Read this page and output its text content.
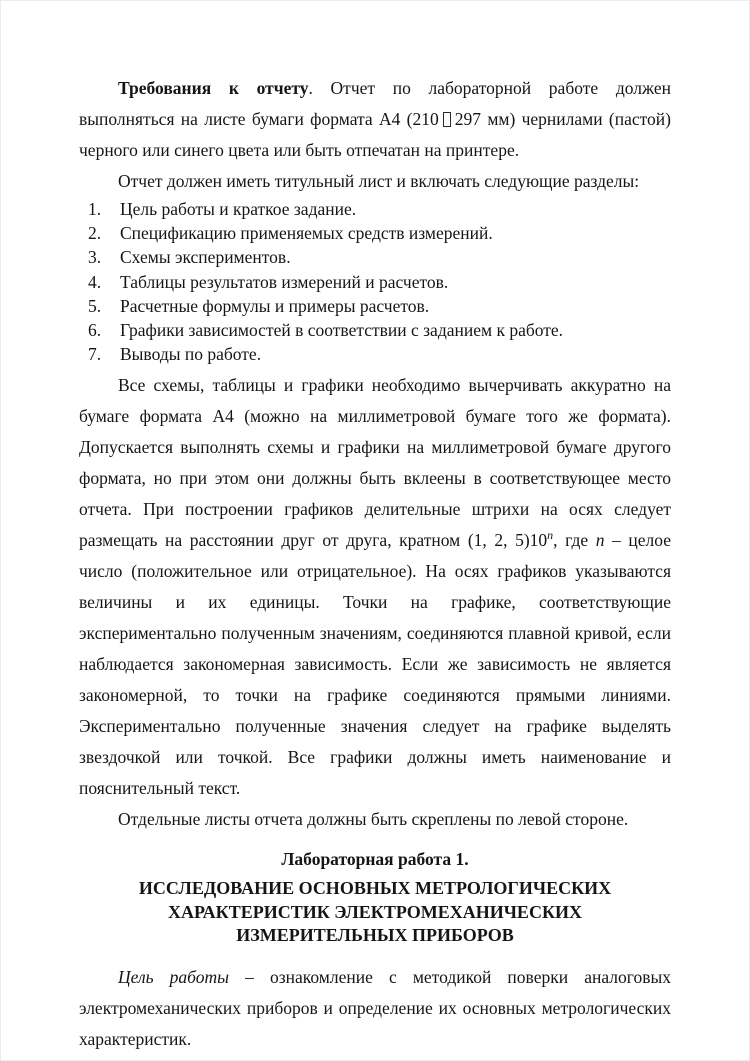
Требования к отчету. Отчет по лабораторной работе должен выполняться на листе бумаги формата А4 (210 297 мм) чернилами (пастой) черного или синего цвета или быть отпечатан на принтере.

Отчет должен иметь титульный лист и включать следующие разделы:

1.	Цель работы и краткое задание.
2.	Спецификацию применяемых средств измерений.
3.	Схемы экспериментов.
4.	Таблицы результатов измерений и расчетов.
5.	Расчетные формулы и примеры расчетов.
6.	Графики зависимостей в соответствии с заданием к работе.
7.	Выводы по работе.

Все схемы, таблицы и графики необходимо вычерчивать аккуратно на бумаге формата А4 (можно на миллиметровой бумаге того же формата). Допускается выполнять схемы и графики на миллиметровой бумаге другого формата, но при этом они должны быть вклеены в соответствующее место отчета. При построении графиков делительные штрихи на осях следует размещать на расстоянии друг от друга, кратном (1, 2, 5)10$^n$, где n – целое число (положительное или отрицательное). На осях графиков указываются величины и их единицы. Точки на графике, соответствующие экспериментально полученным значениям, соединяются плавной кривой, если наблюдается закономерная зависимость. Если же зависимость не является закономерной, то точки на графике соединяются прямыми линиями. Экспериментально полученные значения следует на графике выделять звездочкой или точкой. Все графики должны иметь наименование и пояснительный текст.

Отдельные листы отчета должны быть скреплены по левой стороне.

Лабораторная работа 1.
ИССЛЕДОВАНИЕ ОСНОВНЫХ МЕТРОЛОГИЧЕСКИХ
ХАРАКТЕРИСТИК ЭЛЕКТРОМЕХАНИЧЕСКИХ
ИЗМЕРИТЕЛЬНЫХ ПРИБОРОВ

Цель работы – ознакомление с методикой поверки аналоговых электромеханических приборов и определение их основных метрологических характеристик.
